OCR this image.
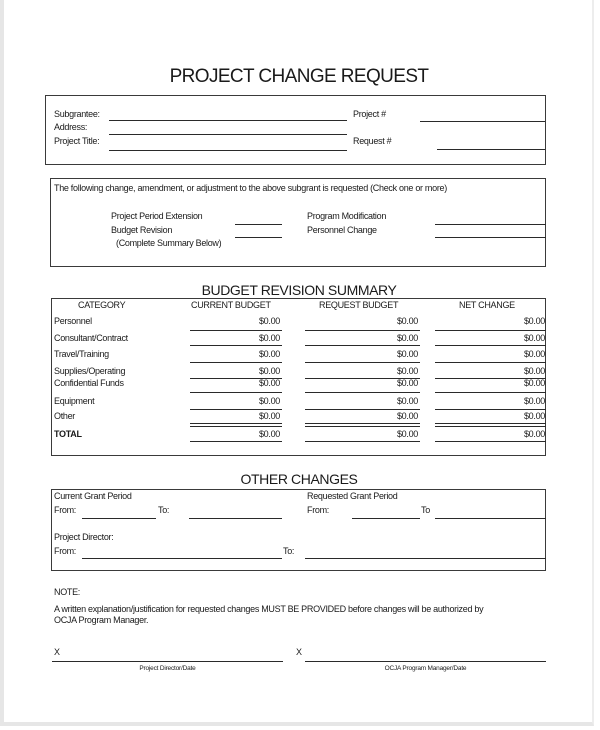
PROJECT CHANGE REQUEST
Subgrantee:
Address:
Project Title:
Project #
Request #
The following change, amendment, or adjustment to the above subgrant is requested (Check one or more)
Project Period Extension
Budget Revision
(Complete Summary Below)
Program Modification
Personnel Change
BUDGET REVISION SUMMARY
CATEGORY	CURRENT BUDGET	REQUEST BUDGET	NET CHANGE
Personnel	$0.00	$0.00	$0.00
Consultant/Contract	$0.00	$0.00	$0.00
Travel/Training	$0.00	$0.00	$0.00
Supplies/Operating	$0.00	$0.00	$0.00
Confidential Funds	$0.00	$0.00	$0.00
Equipment	$0.00	$0.00	$0.00
Other	$0.00	$0.00	$0.00
TOTAL	$0.00	$0.00	$0.00
OTHER CHANGES
Current Grant Period	Requested Grant Period
From:	To:	From:	To
Project Director:
From:	To:
NOTE:
A written explanation/justification for requested changes MUST BE PROVIDED before changes will be authorized by
OCJA Program Manager.
X
Project Director/Date
X
OCJA Program Manager/Date
